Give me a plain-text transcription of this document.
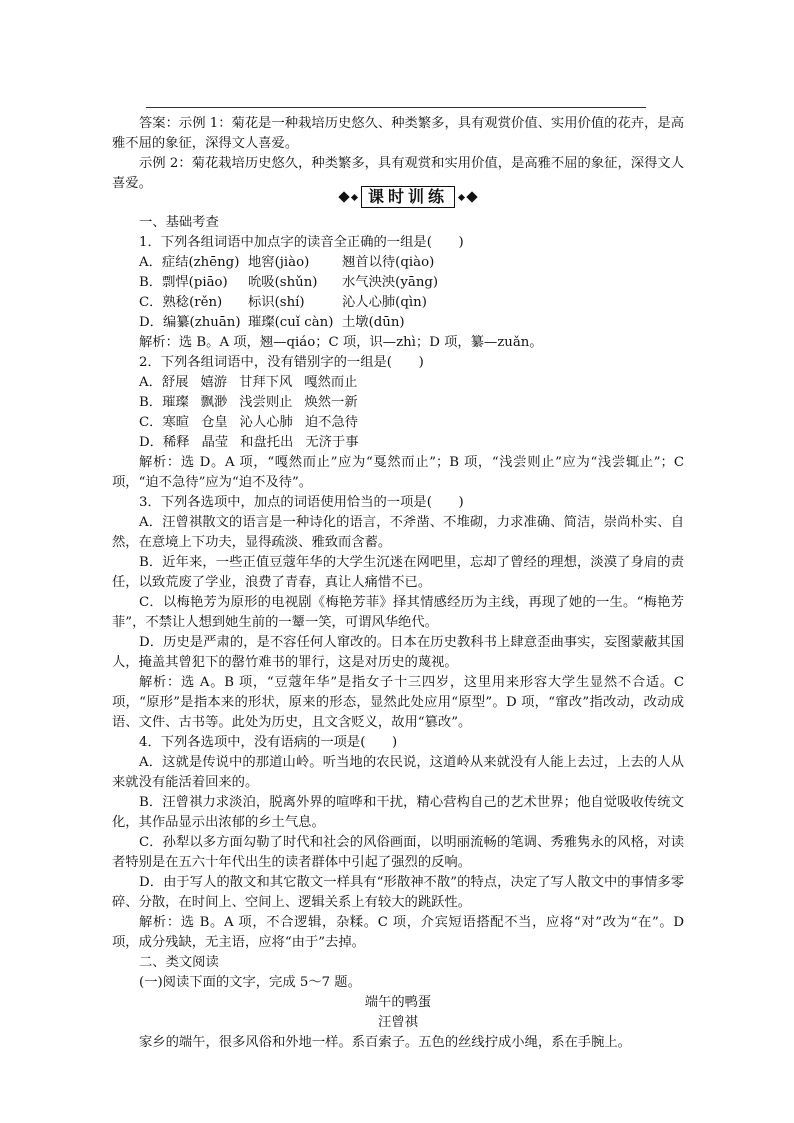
答案：示例 1：菊花是一种栽培历史悠久、种类繁多，具有观赏价值、实用价值的花卉，是高雅不屈的象征，深得文人喜爱。

示例 2：菊花栽培历史悠久，种类繁多，具有观赏和实用价值，是高雅不屈的象征，深得文人喜爱。

课时训练

一、基础考查

1．下列各组词语中加点字的读音全正确的一组是(　　)

A．症结(zhēng) 地窖(jiào)	翘首以待(qiào)
B．剽悍(piāo)	吮吸(shǔn)	水气泱泱(yāng)
C．熟稔(rěn)	标识(shí)	沁人心肺(qìn)
D．编纂(zhuān) 璀璨(cuǐ càn) 土墩(dūn)

解析：选 B。A 项，翘—qiáo；C 项，识—zhì；D 项，纂—zuǎn。

2．下列各组词语中，没有错别字的一组是(　　)

A．舒展 嬉游 甘拜下风 嘎然而止
B．璀璨 飘渺 浅尝则止 焕然一新
C．寒暄 仓皇 沁人心肺 迫不急待
D．稀释 晶莹 和盘托出 无济于事

解析：选 D。A 项，“嘎然而止”应为“戛然而止”；B 项，“浅尝则止”应为“浅尝辄止”；C 项，“迫不急待”应为“迫不及待”。

3．下列各选项中，加点的词语使用恰当的一项是(　　)

A．汪曾祺散文的语言是一种诗化的语言，不斧凿、不堆砌，力求准确、简洁，崇尚朴实、自然，在意境上下功夫，显得疏淡、雅致而含蓄。

B．近年来，一些正值豆蔻年华的大学生沉迷在网吧里，忘却了曾经的理想，淡漠了身肩的责任，以致荒废了学业，浪费了青春，真让人痛惜不已。

C．以梅艳芳为原形的电视剧《梅艳芳菲》择其情感经历为主线，再现了她的一生。“梅艳芳菲”，不禁让人想到她生前的一颦一笑，可谓风华绝代。

D．历史是严肃的，是不容任何人窜改的。日本在历史教科书上肆意歪曲事实，妄图蒙蔽其国人，掩盖其曾犯下的罄竹难书的罪行，这是对历史的蔑视。

解析：选 A。B 项，“豆蔻年华”是指女子十三四岁，这里用来形容大学生显然不合适。C 项，“原形”是指本来的形状，原来的形态，显然此处应用“原型”。D 项，“窜改”指改动，改动成语、文件、古书等。此处为历史，且文含贬义，故用“篡改”。

4．下列各选项中，没有语病的一项是(　　)

A．这就是传说中的那道山岭。听当地的农民说，这道岭从来就没有人能上去过，上去的人从来就没有能活着回来的。

B．汪曾祺力求淡泊，脱离外界的喧哗和干扰，精心营构自己的艺术世界；他自觉吸收传统文化，其作品显示出浓郁的乡土气息。

C．孙犁以多方面勾勒了时代和社会的风俗画面，以明丽流畅的笔调、秀雅隽永的风格，对读者特别是在五六十年代出生的读者群体中引起了强烈的反响。

D．由于写人的散文和其它散文一样具有“形散神不散”的特点，决定了写人散文中的事情多零碎、分散，在时间上、空间上、逻辑关系上有较大的跳跃性。

解析：选 B。A 项，不合逻辑，杂糅。C 项，介宾短语搭配不当，应将“对”改为“在”。D 项，成分残缺，无主语，应将“由于”去掉。

二、类文阅读

(一)阅读下面的文字，完成 5～7 题。

端午的鸭蛋

汪曾祺

家乡的端午，很多风俗和外地一样。系百索子。五色的丝线拧成小绳，系在手腕上。
